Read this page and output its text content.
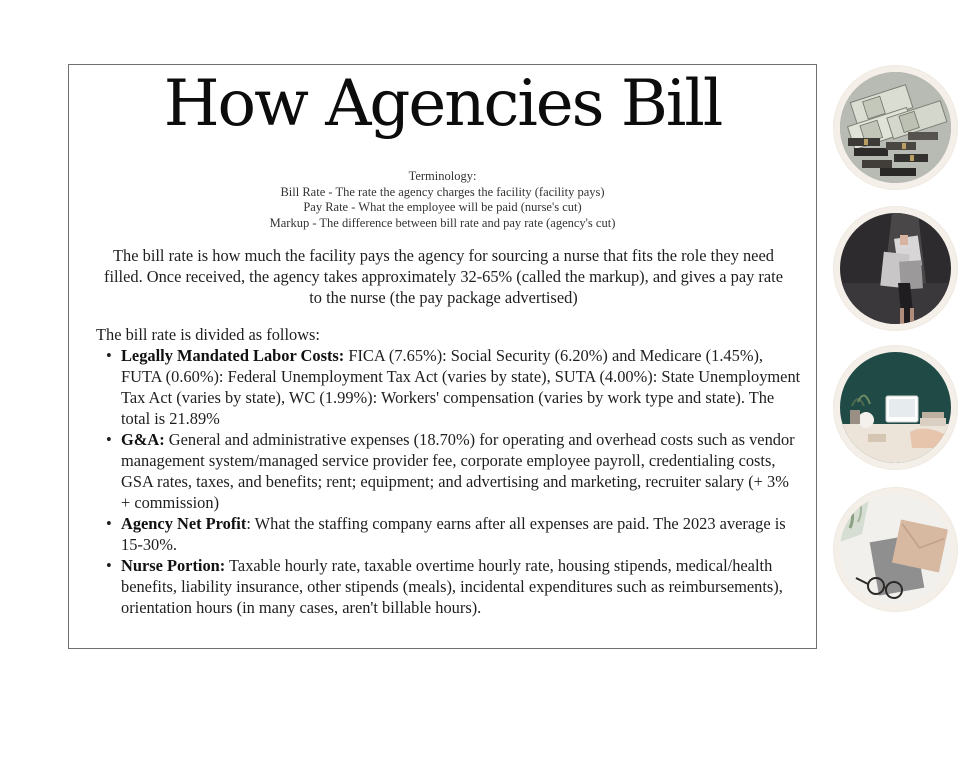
How Agencies Bill
Terminology:
Bill Rate - The rate the agency charges the facility (facility pays)
Pay Rate - What the employee will be paid (nurse's cut)
Markup - The difference between bill rate and pay rate (agency's cut)

The bill rate is how much the facility pays the agency for sourcing a nurse that fits the role they need filled. Once received, the agency takes approximately 32-65% (called the markup), and gives a pay rate to the nurse (the pay package advertised)

The bill rate is divided as follows:

• Legally Mandated Labor Costs: FICA (7.65%): Social Security (6.20%) and Medicare (1.45%), FUTA (0.60%): Federal Unemployment Tax Act (varies by state), SUTA (4.00%): State Unemployment Tax Act (varies by state), WC (1.99%): Workers' compensation (varies by work type and state). The total is 21.89%
• G&A: General and administrative expenses (18.70%) for operating and overhead costs such as vendor management system/managed service provider fee, corporate employee payroll, credentialing costs, GSA rates, taxes, and benefits; rent; equipment; and advertising and marketing, recruiter salary (+ 3% + commission)
• Agency Net Profit: What the staffing company earns after all expenses are paid. The 2023 average is 15-30%.
• Nurse Portion: Taxable hourly rate, taxable overtime hourly rate, housing stipends, medical/health benefits, liability insurance, other stipends (meals), incidental expenditures such as reimbursements), orientation hours (in many cases, aren't billable hours).
